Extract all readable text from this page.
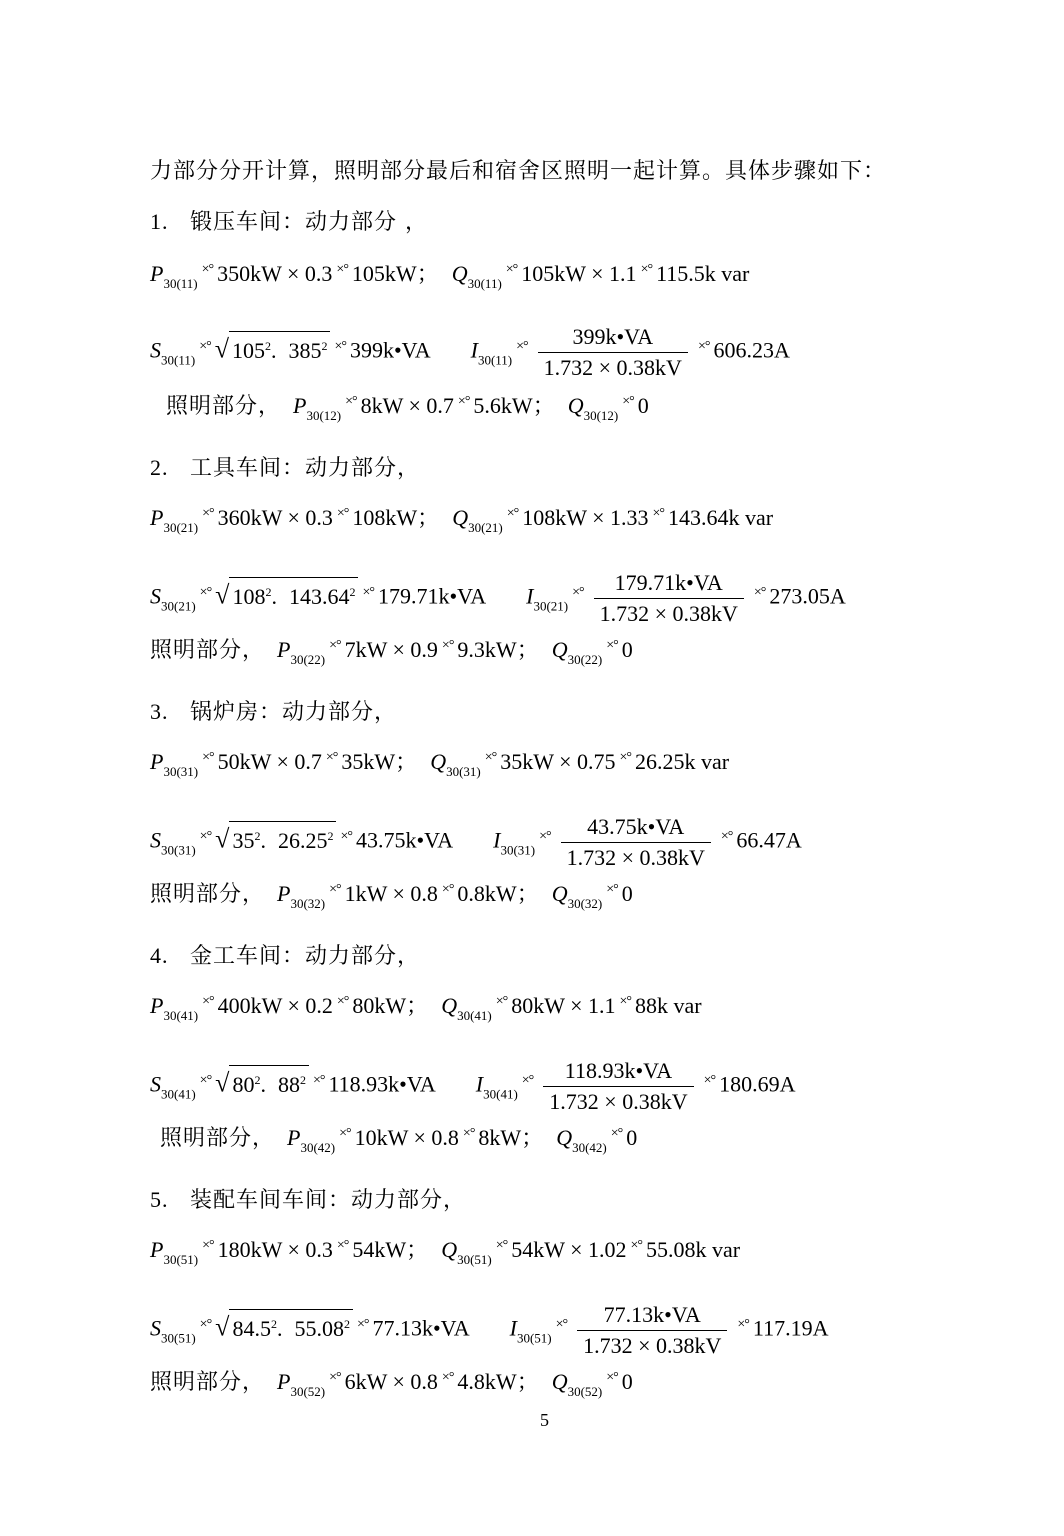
力部分分开计算，照明部分最后和宿舍区照明一起计算。具体步骤如下：
1. 锻压车间：动力部分 ，
$P_{30(11)}^{\times^\circ}$ 350kW × 0.3 ×° 105kW； $Q_{30(11)}^{\times^\circ}$ 105kW × 1.1 ×° 115.5k var
$S_{30(11)}^{\times^\circ}$ √ $105^2$. $385^2$ ×° 399k•VA $I_{30(11)}^{\times^\circ} \frac{399k•VA}{1.732 \times 0.38kV} ^{\times^\circ}$ 606.23A
照明部分， $P_{30(12)}^{\times^\circ}$ 8kW × 0.7 ×° 5.6kW； $Q_{30(12)}^{\times^\circ}$ 0
2. 工具车间：动力部分，
$P_{30(21)}^{\times^\circ}$ 360kW × 0.3 ×° 108kW； $Q_{30(21)}^{\times^\circ}$ 108kW × 1.33 ×° 143.64k var
$S_{30(21)}^{\times^\circ}$ √ $108^2$. 143.64$^2$ ×° 179.71k•VA $I_{30(21)}^{\times^\circ} \frac{179.71k•VA}{1.732 \times 0.38kV} ^{\times^\circ}$ 273.05A
照明部分， $P_{30(22)}^{\times^\circ}$ 7kW × 0.9 ×° 9.3kW； $Q_{30(22)}^{\times^\circ}$ 0
3. 锅炉房：动力部分，
$P_{30(31)}^{\times^\circ}$ 50kW × 0.7 ×° 35kW； $Q_{30(31)}^{\times^\circ}$ 35kW × 0.75 ×° 26.25k var
$S_{30(31)}^{\times^\circ}$ √ $35^2$. 26.25$^2$ ×° 43.75k•VA $I_{30(31)}^{\times^\circ} \frac{43.75k•VA}{1.732 \times 0.38kV} ^{\times^\circ}$ 66.47A
照明部分， $P_{30(32)}^{\times^\circ}$ 1kW × 0.8 ×° 0.8kW； $Q_{30(32)}^{\times^\circ}$ 0
4. 金工车间：动力部分，
$P_{30(41)}^{\times^\circ}$ 400kW × 0.2 ×° 80kW； $Q_{30(41)}^{\times^\circ}$ 80kW × 1.1 ×° 88k var
$S_{30(41)}^{\times^\circ}$ √ $80^2$. $88^2$ ×° 118.93k•VA $I_{30(41)}^{\times^\circ} \frac{118.93k•VA}{1.732 \times 0.38kV} ^{\times^\circ}$ 180.69A
照明部分， $P_{30(42)}^{\times^\circ}$ 10kW × 0.8 ×° 8kW； $Q_{30(42)}^{\times^\circ}$ 0
5. 装配车间车间：动力部分，
$P_{30(51)}^{\times^\circ}$ 180kW × 0.3 ×° 54kW； $Q_{30(51)}^{\times^\circ}$ 54kW × 1.02 ×° 55.08k var
$S_{30(51)}^{\times^\circ}$ √ 84.5$^2$. 55.08$^2$ ×° 77.13k•VA $I_{30(51)}^{\times^\circ} \frac{77.13k•VA}{1.732 \times 0.38kV} ^{\times^\circ}$ 117.19A
照明部分， $P_{30(52)}^{\times^\circ}$ 6kW × 0.8 ×° 4.8kW； $Q_{30(52)}^{\times^\circ}$ 0
5
